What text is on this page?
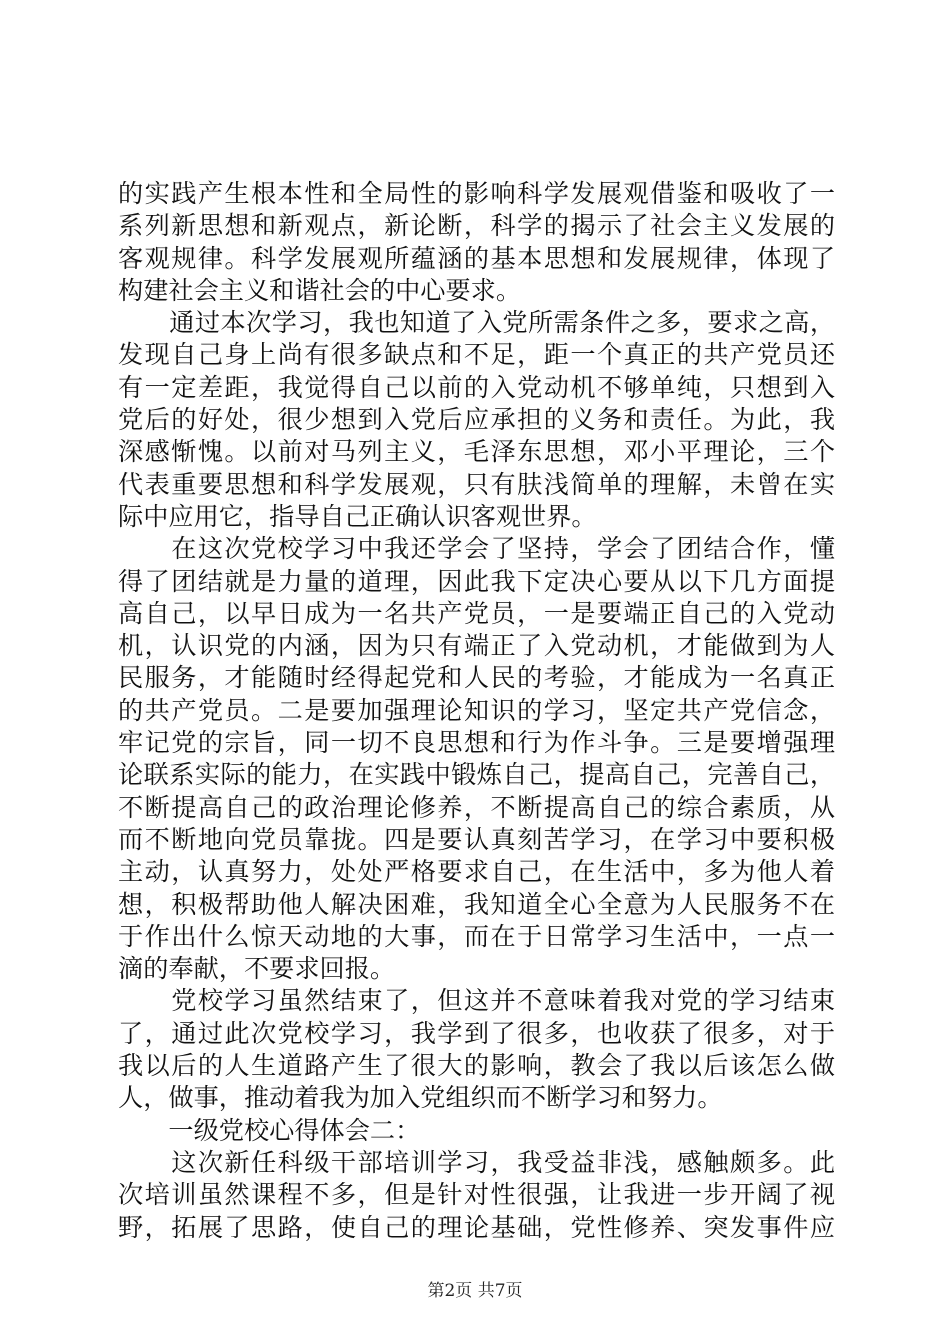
的实践产生根本性和全局性的影响科学发展观借鉴和吸收了一
系列新思想和新观点，新论断，科学的揭示了社会主义发展的
客观规律。科学发展观所蕴涵的基本思想和发展规律，体现了
构建社会主义和谐社会的中心要求。
　　通过本次学习，我也知道了入党所需条件之多，要求之高，
发现自己身上尚有很多缺点和不足，距一个真正的共产党员还
有一定差距，我觉得自己以前的入党动机不够单纯，只想到入
党后的好处，很少想到入党后应承担的义务和责任。为此，我
深感惭愧。以前对马列主义，毛泽东思想，邓小平理论，三个
代表重要思想和科学发展观，只有肤浅简单的理解，未曾在实
际中应用它，指导自己正确认识客观世界。
　　在这次党校学习中我还学会了坚持，学会了团结合作，懂
得了团结就是力量的道理，因此我下定决心要从以下几方面提
高自己，以早日成为一名共产党员，一是要端正自己的入党动
机，认识党的内涵，因为只有端正了入党动机，才能做到为人
民服务，才能随时经得起党和人民的考验，才能成为一名真正
的共产党员。二是要加强理论知识的学习，坚定共产党信念，
牢记党的宗旨，同一切不良思想和行为作斗争。三是要增强理
论联系实际的能力，在实践中锻炼自己，提高自己，完善自己，
不断提高自己的政治理论修养，不断提高自己的综合素质，从
而不断地向党员靠拢。四是要认真刻苦学习，在学习中要积极
主动，认真努力，处处严格要求自己，在生活中，多为他人着
想，积极帮助他人解决困难，我知道全心全意为人民服务不在
于作出什么惊天动地的大事，而在于日常学习生活中，一点一
滴的奉献，不要求回报。
　　党校学习虽然结束了，但这并不意味着我对党的学习结束
了，通过此次党校学习，我学到了很多，也收获了很多，对于
我以后的人生道路产生了很大的影响，教会了我以后该怎么做
人，做事，推动着我为加入党组织而不断学习和努力。
　　一级党校心得体会二：
　　这次新任科级干部培训学习，我受益非浅，感触颇多。此
次培训虽然课程不多，但是针对性很强，让我进一步开阔了视
野，拓展了思路，使自己的理论基础，党性修养、突发事件应
第2页 共7页
